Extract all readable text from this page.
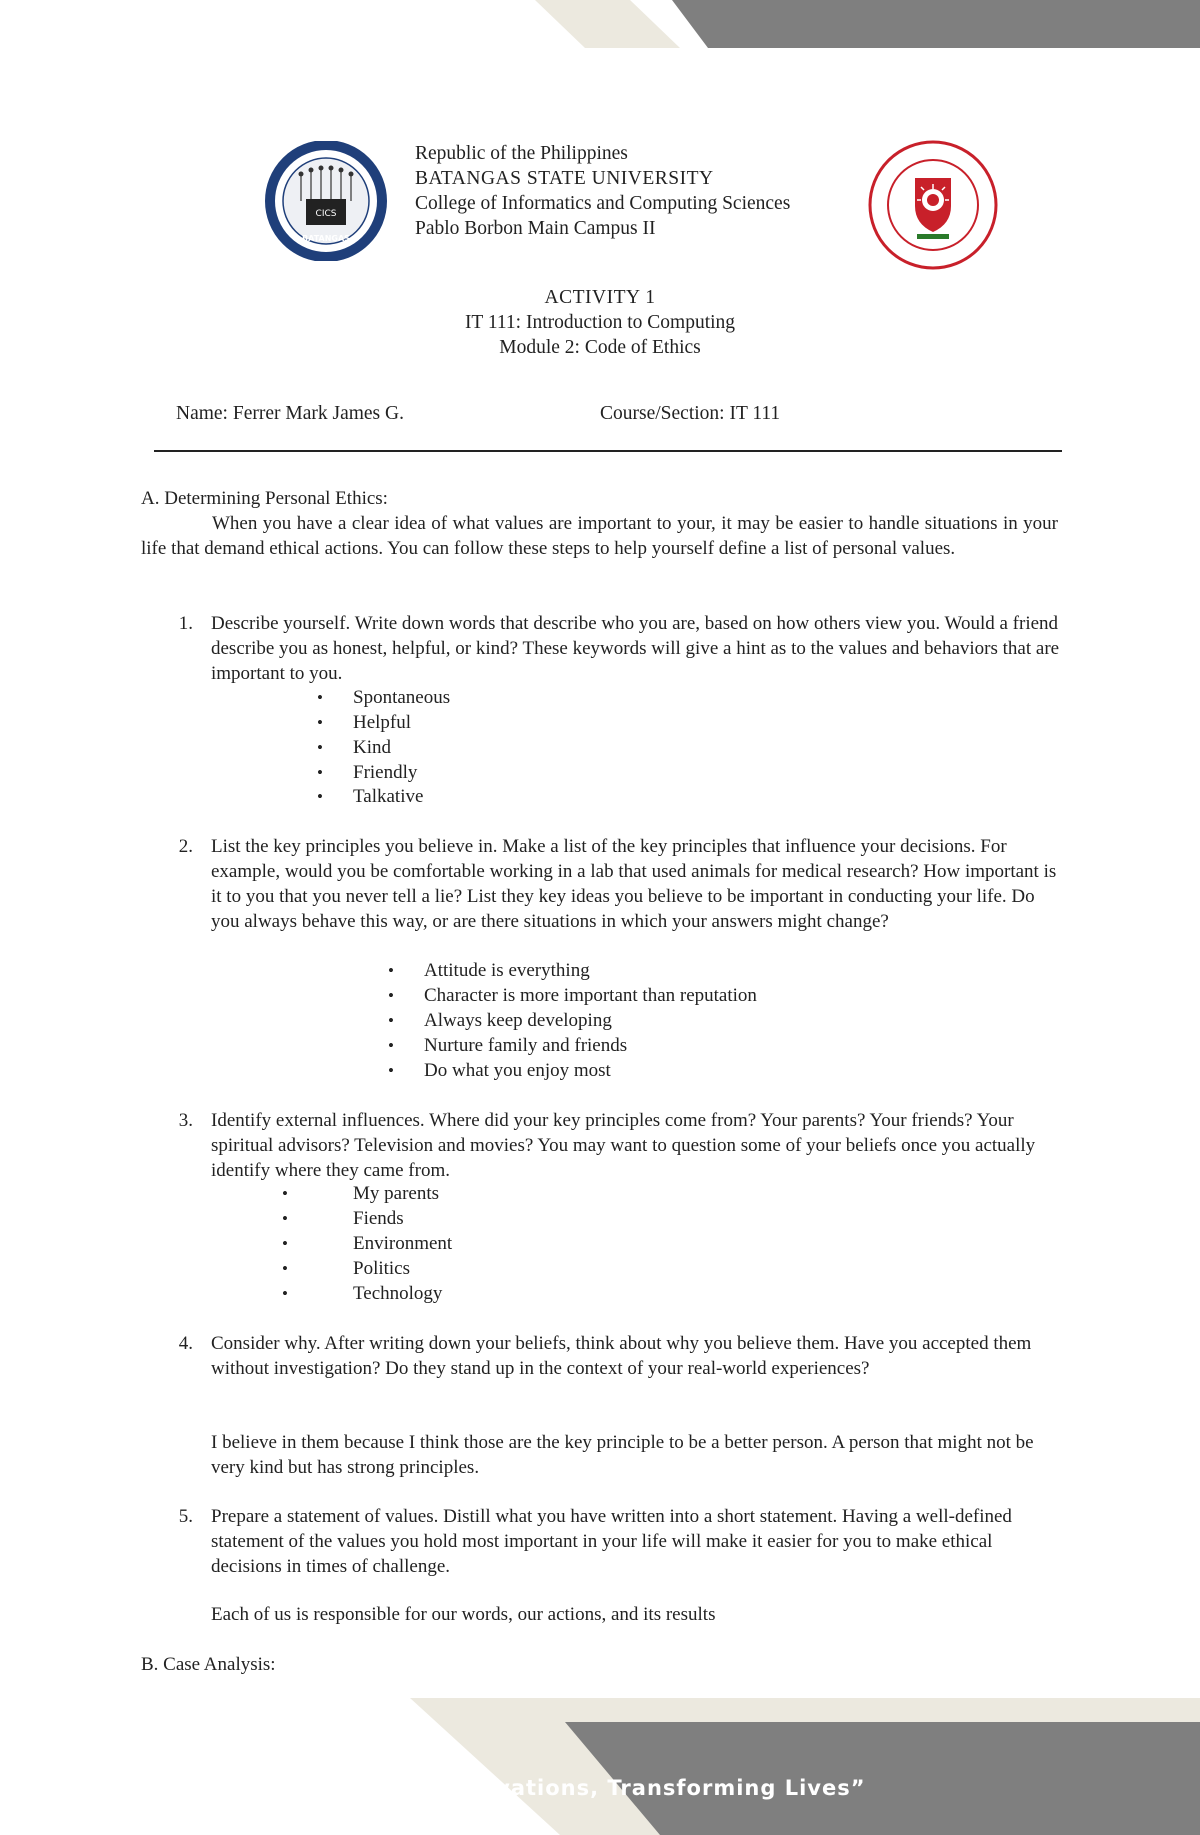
CICS
BATANGAS
Republic of the Philippines
BATANGAS STATE UNIVERSITY
College of Informatics and Computing Sciences
Pablo Borbon Main Campus II
ACTIVITY 1
IT 111: Introduction to Computing
Module 2: Code of Ethics
Name: Ferrer Mark James G.	Course/Section: IT 111
A. Determining Personal Ethics:
When you have a clear idea of what values are important to your, it may be easier to handle situations in your life that demand ethical actions. You can follow these steps to help yourself define a list of personal values.
1. Describe yourself. Write down words that describe who you are, based on how others view you. Would a friend describe you as honest, helpful, or kind? These keywords will give a hint as to the values and behaviors that are important to you.
• Spontaneous
• Helpful
• Kind
• Friendly
• Talkative
2. List the key principles you believe in. Make a list of the key principles that influence your decisions. For example, would you be comfortable working in a lab that used animals for medical research? How important is it to you that you never tell a lie? List they key ideas you believe to be important in conducting your life. Do you always behave this way, or are there situations in which your answers might change?
• Attitude is everything
• Character is more important than reputation
• Always keep developing
• Nurture family and friends
• Do what you enjoy most
3. Identify external influences. Where did your key principles come from? Your parents? Your friends? Your spiritual advisors? Television and movies? You may want to question some of your beliefs once you actually identify where they came from.
•	My parents
•	Fiends
•	Environment
•	Politics
•	Technology
4. Consider why. After writing down your beliefs, think about why you believe them. Have you accepted them without investigation? Do they stand up in the context of your real-world experiences?
I believe in them because I think those are the key principle to be a better person. A person that might not be very kind but has strong principles.
5. Prepare a statement of values. Distill what you have written into a short statement. Having a well-defined statement of the values you hold most important in your life will make it easier for you to make ethical decisions in times of challenge.
Each of us is responsible for our words, our actions, and its results
B. Case Analysis:
Innovations, Transforming Lives”
